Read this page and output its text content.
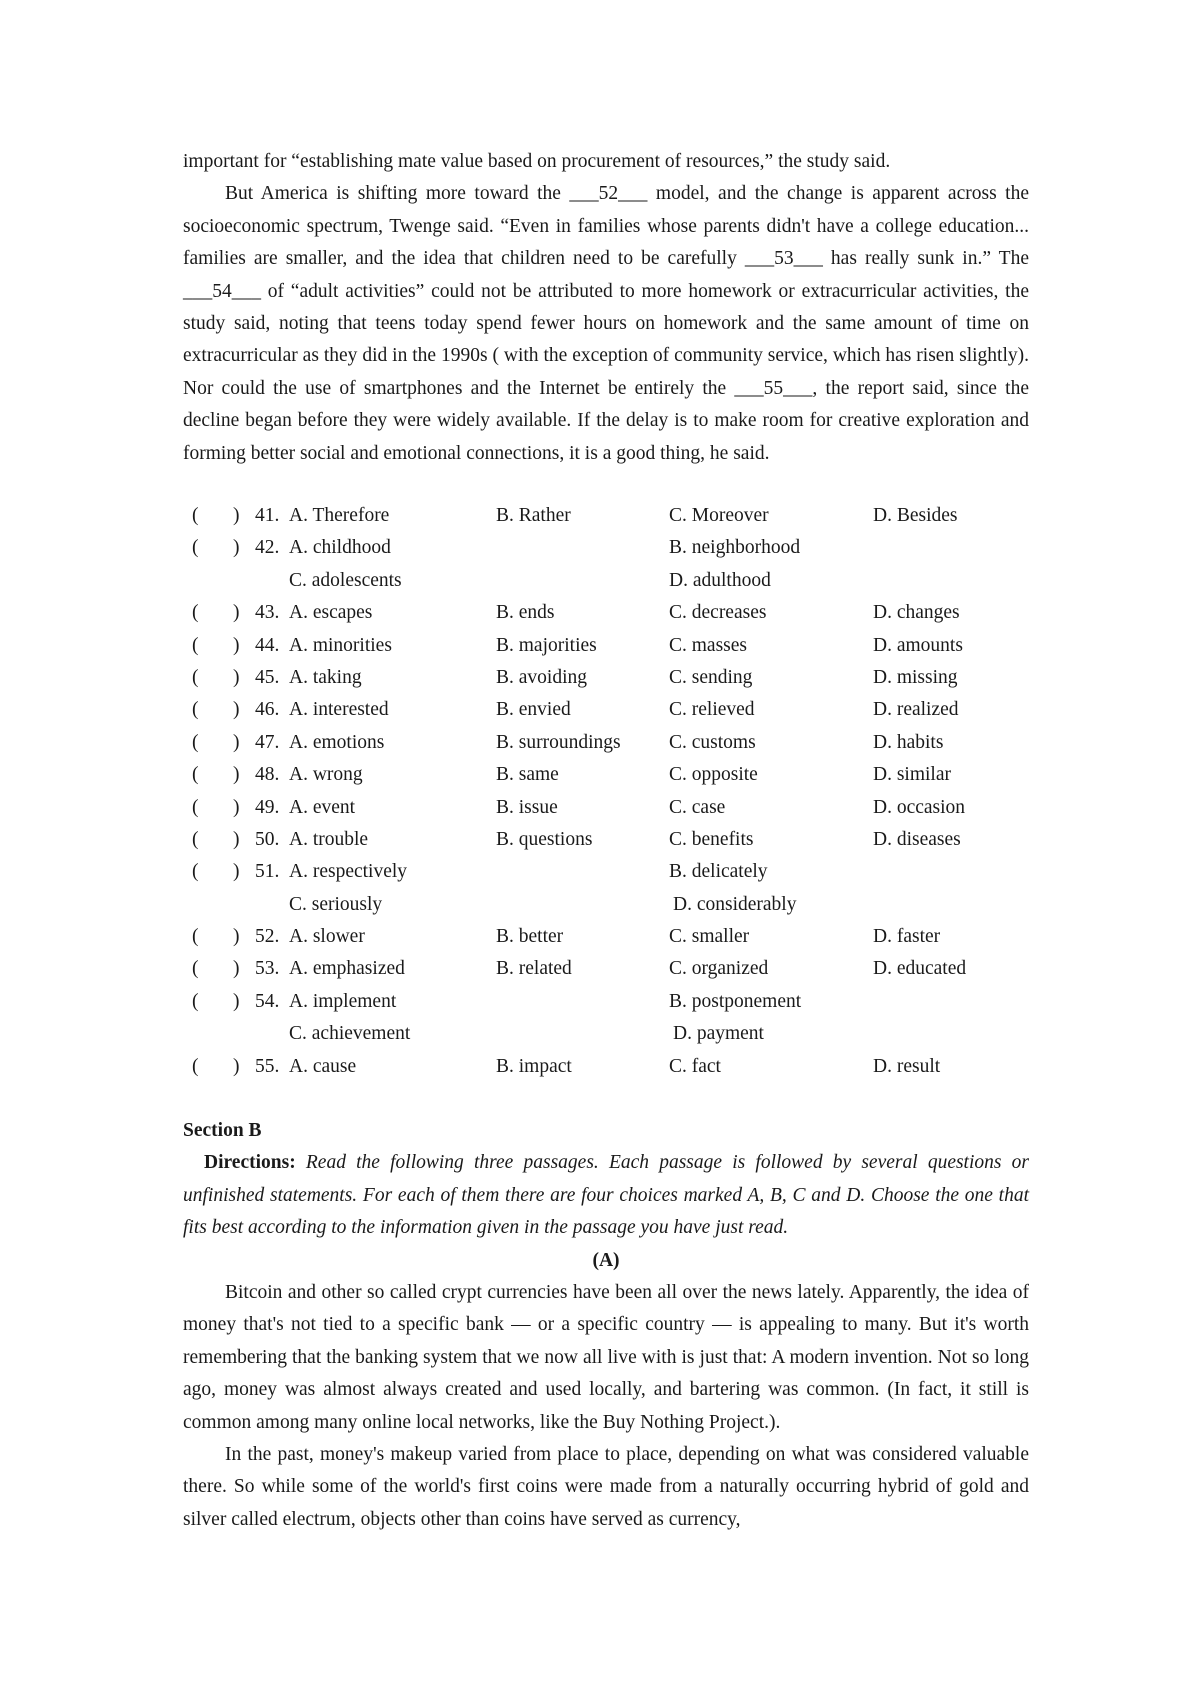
important for “establishing mate value based on procurement of resources,” the study said.

But America is shifting more toward the ___52___ model, and the change is apparent across the socioeconomic spectrum, Twenge said. “Even in families whose parents didn't have a college education... families are smaller, and the idea that children need to be carefully ___53___ has really sunk in.” The ___54___ of “adult activities” could not be attributed to more homework or extracurricular activities, the study said, noting that teens today spend fewer hours on homework and the same amount of time on extracurricular as they did in the 1990s ( with the exception of community service, which has risen slightly). Nor could the use of smartphones and the Internet be entirely the ___55___, the report said, since the decline began before they were widely available. If the delay is to make room for creative exploration and forming better social and emotional connections, it is a good thing, he said.

( ) 41. A. Therefore	B. Rather	C. Moreover	D. Besides
( ) 42. A. childhood	B. neighborhood
C. adolescents	D. adulthood
( ) 43. A. escapes	B. ends	C. decreases	D. changes
( ) 44. A. minorities	B. majorities	C. masses	D. amounts
( ) 45. A. taking	B. avoiding	C. sending	D. missing
( ) 46. A. interested	B. envied	C. relieved	D. realized
( ) 47. A. emotions	B. surroundings C. customs	D. habits
( ) 48. A. wrong	B. same	C. opposite	D. similar
( ) 49. A. event	B. issue	C. case	D. occasion
( ) 50. A. trouble	B. questions	C. benefits	D. diseases
( ) 51. A. respectively	B. delicately
C. seriously	D. considerably
( ) 52. A. slower	B. better	C. smaller	D. faster
( ) 53. A. emphasized	B. related	C. organized	D. educated
( ) 54. A. implement	B. postponement
C. achievement	D. payment
( ) 55. A. cause	B. impact	C. fact	D. result

Section B

Directions: Read the following three passages. Each passage is followed by several questions or unfinished statements. For each of them there are four choices marked A, B, C and D. Choose the one that fits best according to the information given in the passage you have just read.

(A)

Bitcoin and other so called crypt currencies have been all over the news lately. Apparently, the idea of money that's not tied to a specific bank — or a specific country — is appealing to many. But it's worth remembering that the banking system that we now all live with is just that: A modern invention. Not so long ago, money was almost always created and used locally, and bartering was common. (In fact, it still is common among many online local networks, like the Buy Nothing Project.).

In the past, money's makeup varied from place to place, depending on what was considered valuable there. So while some of the world's first coins were made from a naturally occurring hybrid of gold and silver called electrum, objects other than coins have served as currency,
